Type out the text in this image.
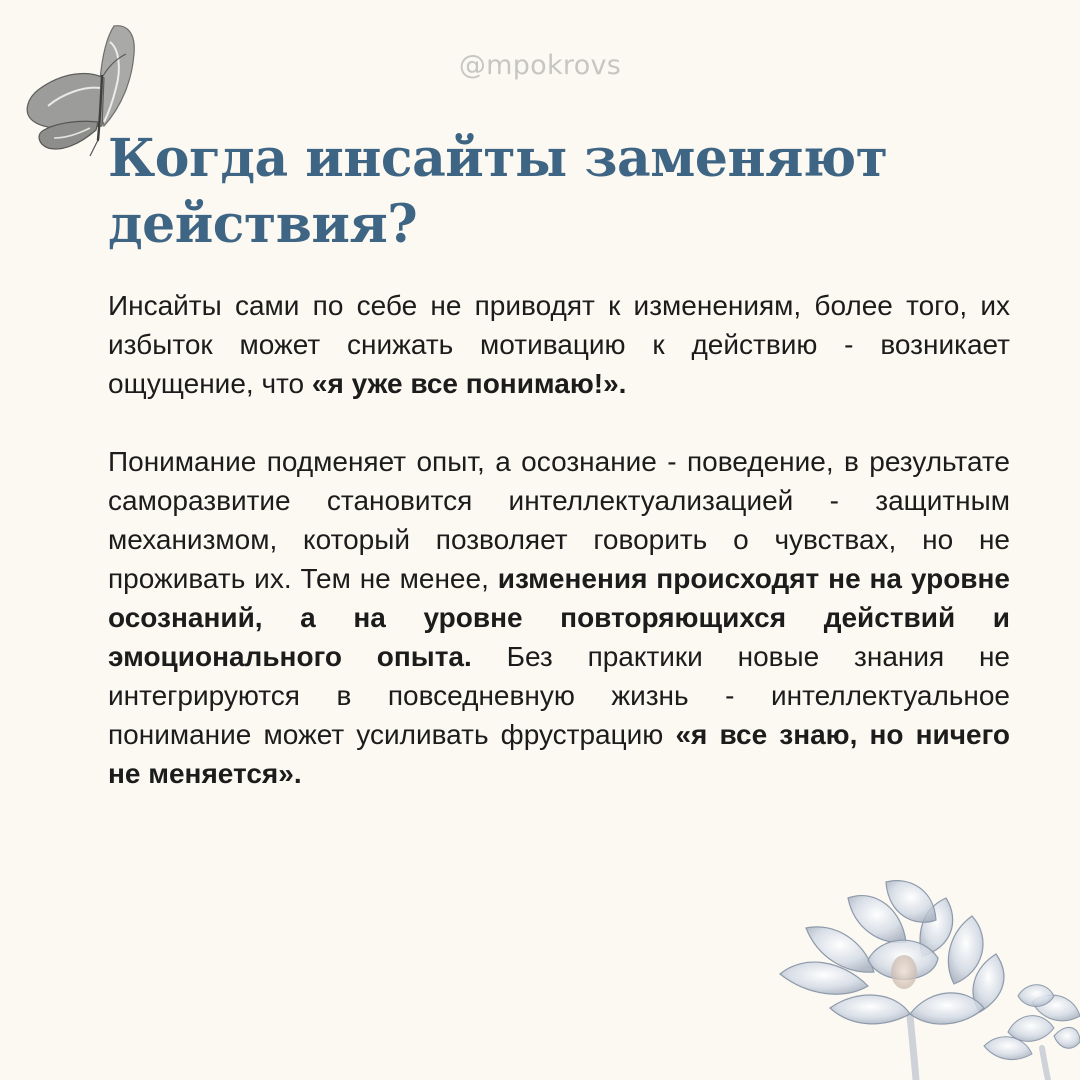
@mpokrovs
Когда инсайты заменяют действия?

Инсайты сами по себе не приводят к изменениям, более того, их избыток может снижать мотивацию к действию - возникает ощущение, что «я уже все понимаю!».

Понимание подменяет опыт, а осознание - поведение, в результате саморазвитие становится интеллектуализацией - защитным механизмом, который позволяет говорить о чувствах, но не проживать их. Тем не менее, изменения происходят не на уровне осознаний, а на уровне повторяющихся действий и эмоционального опыта. Без практики новые знания не интегрируются в повседневную жизнь - интеллектуальное понимание может усиливать фрустрацию «я все знаю, но ничего не меняется».
